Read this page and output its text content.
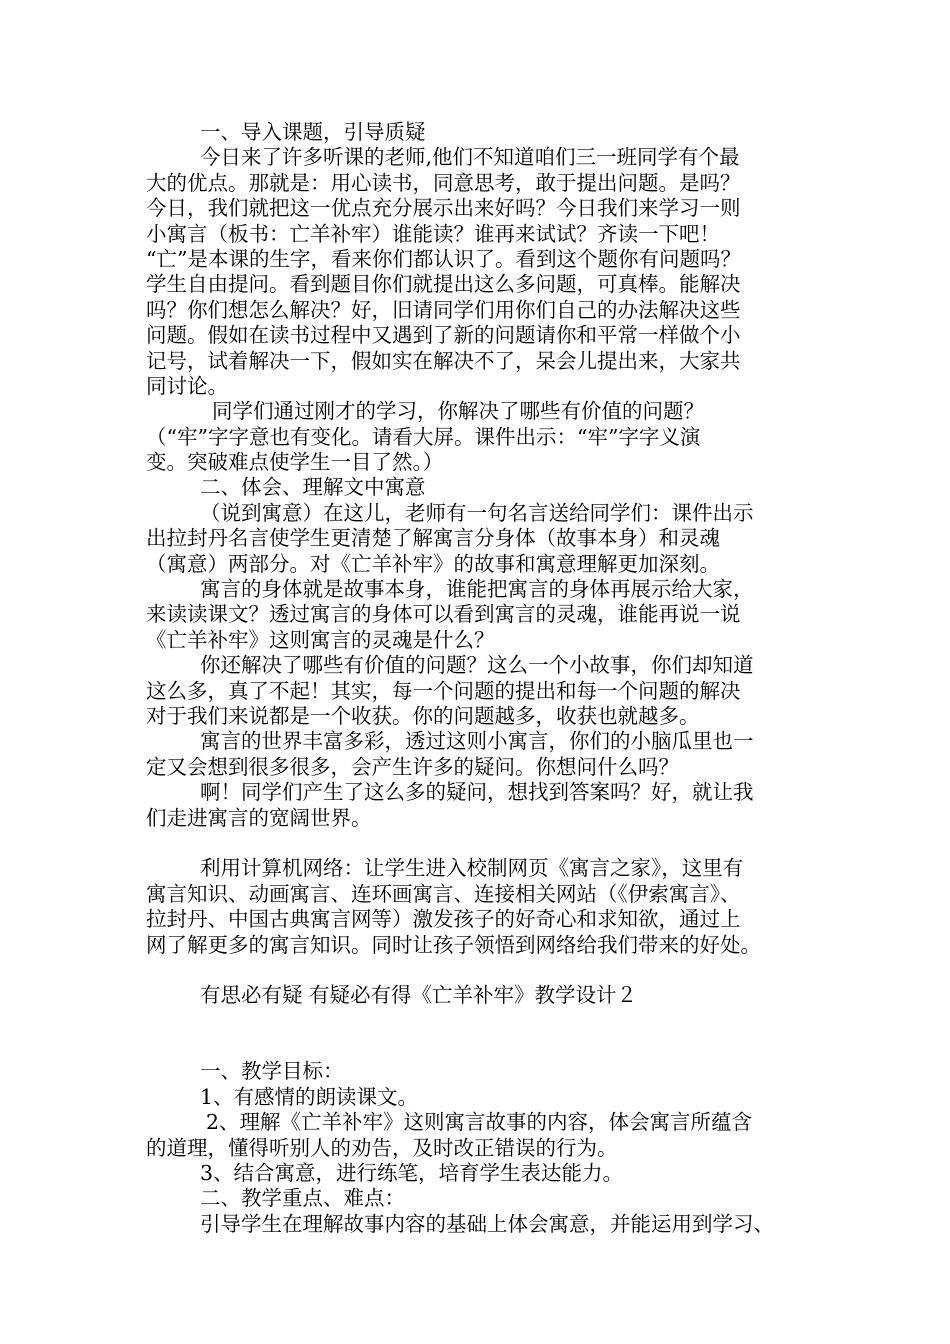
一、导入课题，引导质疑
今日来了许多听课的老师,他们不知道咱们三一班同学有个最
大的优点。那就是：用心读书，同意思考，敢于提出问题。是吗？
今日，我们就把这一优点充分展示出来好吗？今日我们来学习一则
小寓言（板书：亡羊补牢）谁能读？谁再来试试？齐读一下吧！
“亡”是本课的生字，看来你们都认识了。看到这个题你有问题吗？
学生自由提问。看到题目你们就提出这么多问题，可真棒。能解决
吗？你们想怎么解决？好，旧请同学们用你们自己的办法解决这些
问题。假如在读书过程中又遇到了新的问题请你和平常一样做个小
记号，试着解决一下，假如实在解决不了，呆会儿提出来，大家共
同讨论。
同学们通过刚才的学习，你解决了哪些有价值的问题？
（“牢”字字意也有变化。请看大屏。课件出示：“牢”字字义演
变。突破难点使学生一目了然。）
二、体会、理解文中寓意
（说到寓意）在这儿，老师有一句名言送给同学们：课件出示
出拉封丹名言使学生更清楚了解寓言分身体（故事本身）和灵魂
（寓意）两部分。对《亡羊补牢》的故事和寓意理解更加深刻。
寓言的身体就是故事本身，谁能把寓言的身体再展示给大家，
来读读课文？透过寓言的身体可以看到寓言的灵魂，谁能再说一说
《亡羊补牢》这则寓言的灵魂是什么？
你还解决了哪些有价值的问题？这么一个小故事，你们却知道
这么多，真了不起！其实，每一个问题的提出和每一个问题的解决
对于我们来说都是一个收获。你的问题越多，收获也就越多。
寓言的世界丰富多彩，透过这则小寓言，你们的小脑瓜里也一
定又会想到很多很多，会产生许多的疑问。你想问什么吗？
啊！同学们产生了这么多的疑问，想找到答案吗？好，就让我
们走进寓言的宽阔世界。
利用计算机网络：让学生进入校制网页《寓言之家》，这里有
寓言知识、动画寓言、连环画寓言、连接相关网站（《伊索寓言》、
拉封丹、中国古典寓言网等）激发孩子的好奇心和求知欲，通过上
网了解更多的寓言知识。同时让孩子领悟到网络给我们带来的好处。
有思必有疑 有疑必有得《亡羊补牢》教学设计２
一、教学目标：
1、有感情的朗读课文。
2、理解《亡羊补牢》这则寓言故事的内容，体会寓言所蕴含
的道理，懂得听别人的劝告，及时改正错误的行为。
3、结合寓意，进行练笔，培育学生表达能力。
二、教学重点、难点：
引导学生在理解故事内容的基础上体会寓意，并能运用到学习、
